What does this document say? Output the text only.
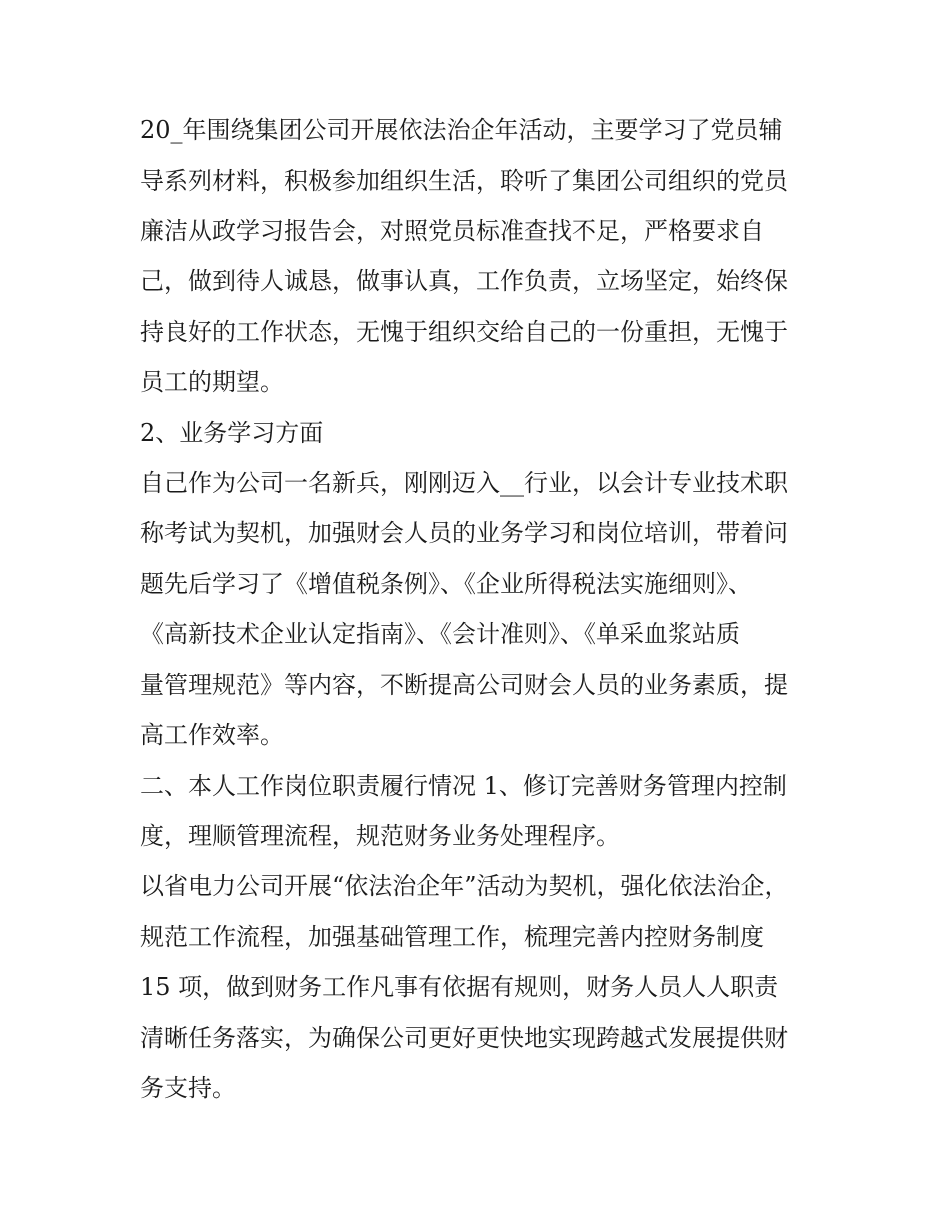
20_年围绕集团公司开展依法治企年活动，主要学习了党员辅

导系列材料，积极参加组织生活，聆听了集团公司组织的党员

廉洁从政学习报告会，对照党员标准查找不足，严格要求自

己，做到待人诚恳，做事认真，工作负责，立场坚定，始终保

持良好的工作状态，无愧于组织交给自己的一份重担，无愧于

员工的期望。

2、业务学习方面

自己作为公司一名新兵，刚刚迈入__行业，以会计专业技术职

称考试为契机，加强财会人员的业务学习和岗位培训，带着问

题先后学习了《增值税条例》、《企业所得税法实施细则》、

《高新技术企业认定指南》、《会计准则》、《单采血浆站质

量管理规范》等内容，不断提高公司财会人员的业务素质，提

高工作效率。

二、本人工作岗位职责履行情况 1、修订完善财务管理内控制

度，理顺管理流程，规范财务业务处理程序。

以省电力公司开展“依法治企年”活动为契机，强化依法治企，

规范工作流程，加强基础管理工作，梳理完善内控财务制度

15 项，做到财务工作凡事有依据有规则，财务人员人人职责

清晰任务落实，为确保公司更好更快地实现跨越式发展提供财

务支持。
